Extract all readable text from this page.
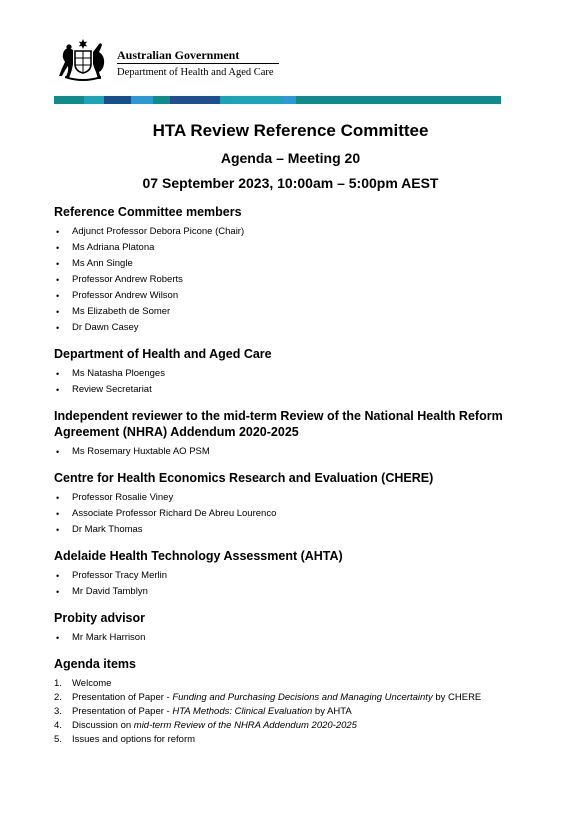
Australian Government
Department of Health and Aged Care
HTA Review Reference Committee
Agenda – Meeting 20
07 September 2023, 10:00am – 5:00pm AEST
Reference Committee members
• Adjunct Professor Debora Picone (Chair)
• Ms Adriana Platona
• Ms Ann Single
• Professor Andrew Roberts
• Professor Andrew Wilson
• Ms Elizabeth de Somer
• Dr Dawn Casey
Department of Health and Aged Care
• Ms Natasha Ploenges
• Review Secretariat
Independent reviewer to the mid-term Review of the National Health Reform
Agreement (NHRA) Addendum 2020-2025
• Ms Rosemary Huxtable AO PSM
Centre for Health Economics Research and Evaluation (CHERE)
• Professor Rosalie Viney
• Associate Professor Richard De Abreu Lourenco
• Dr Mark Thomas
Adelaide Health Technology Assessment (AHTA)
• Professor Tracy Merlin
• Mr David Tamblyn
Probity advisor
• Mr Mark Harrison
Agenda items
1. Welcome
2. Presentation of Paper - Funding and Purchasing Decisions and Managing Uncertainty by CHERE
3. Presentation of Paper - HTA Methods: Clinical Evaluation by AHTA
4. Discussion on mid-term Review of the NHRA Addendum 2020-2025
5. Issues and options for reform
